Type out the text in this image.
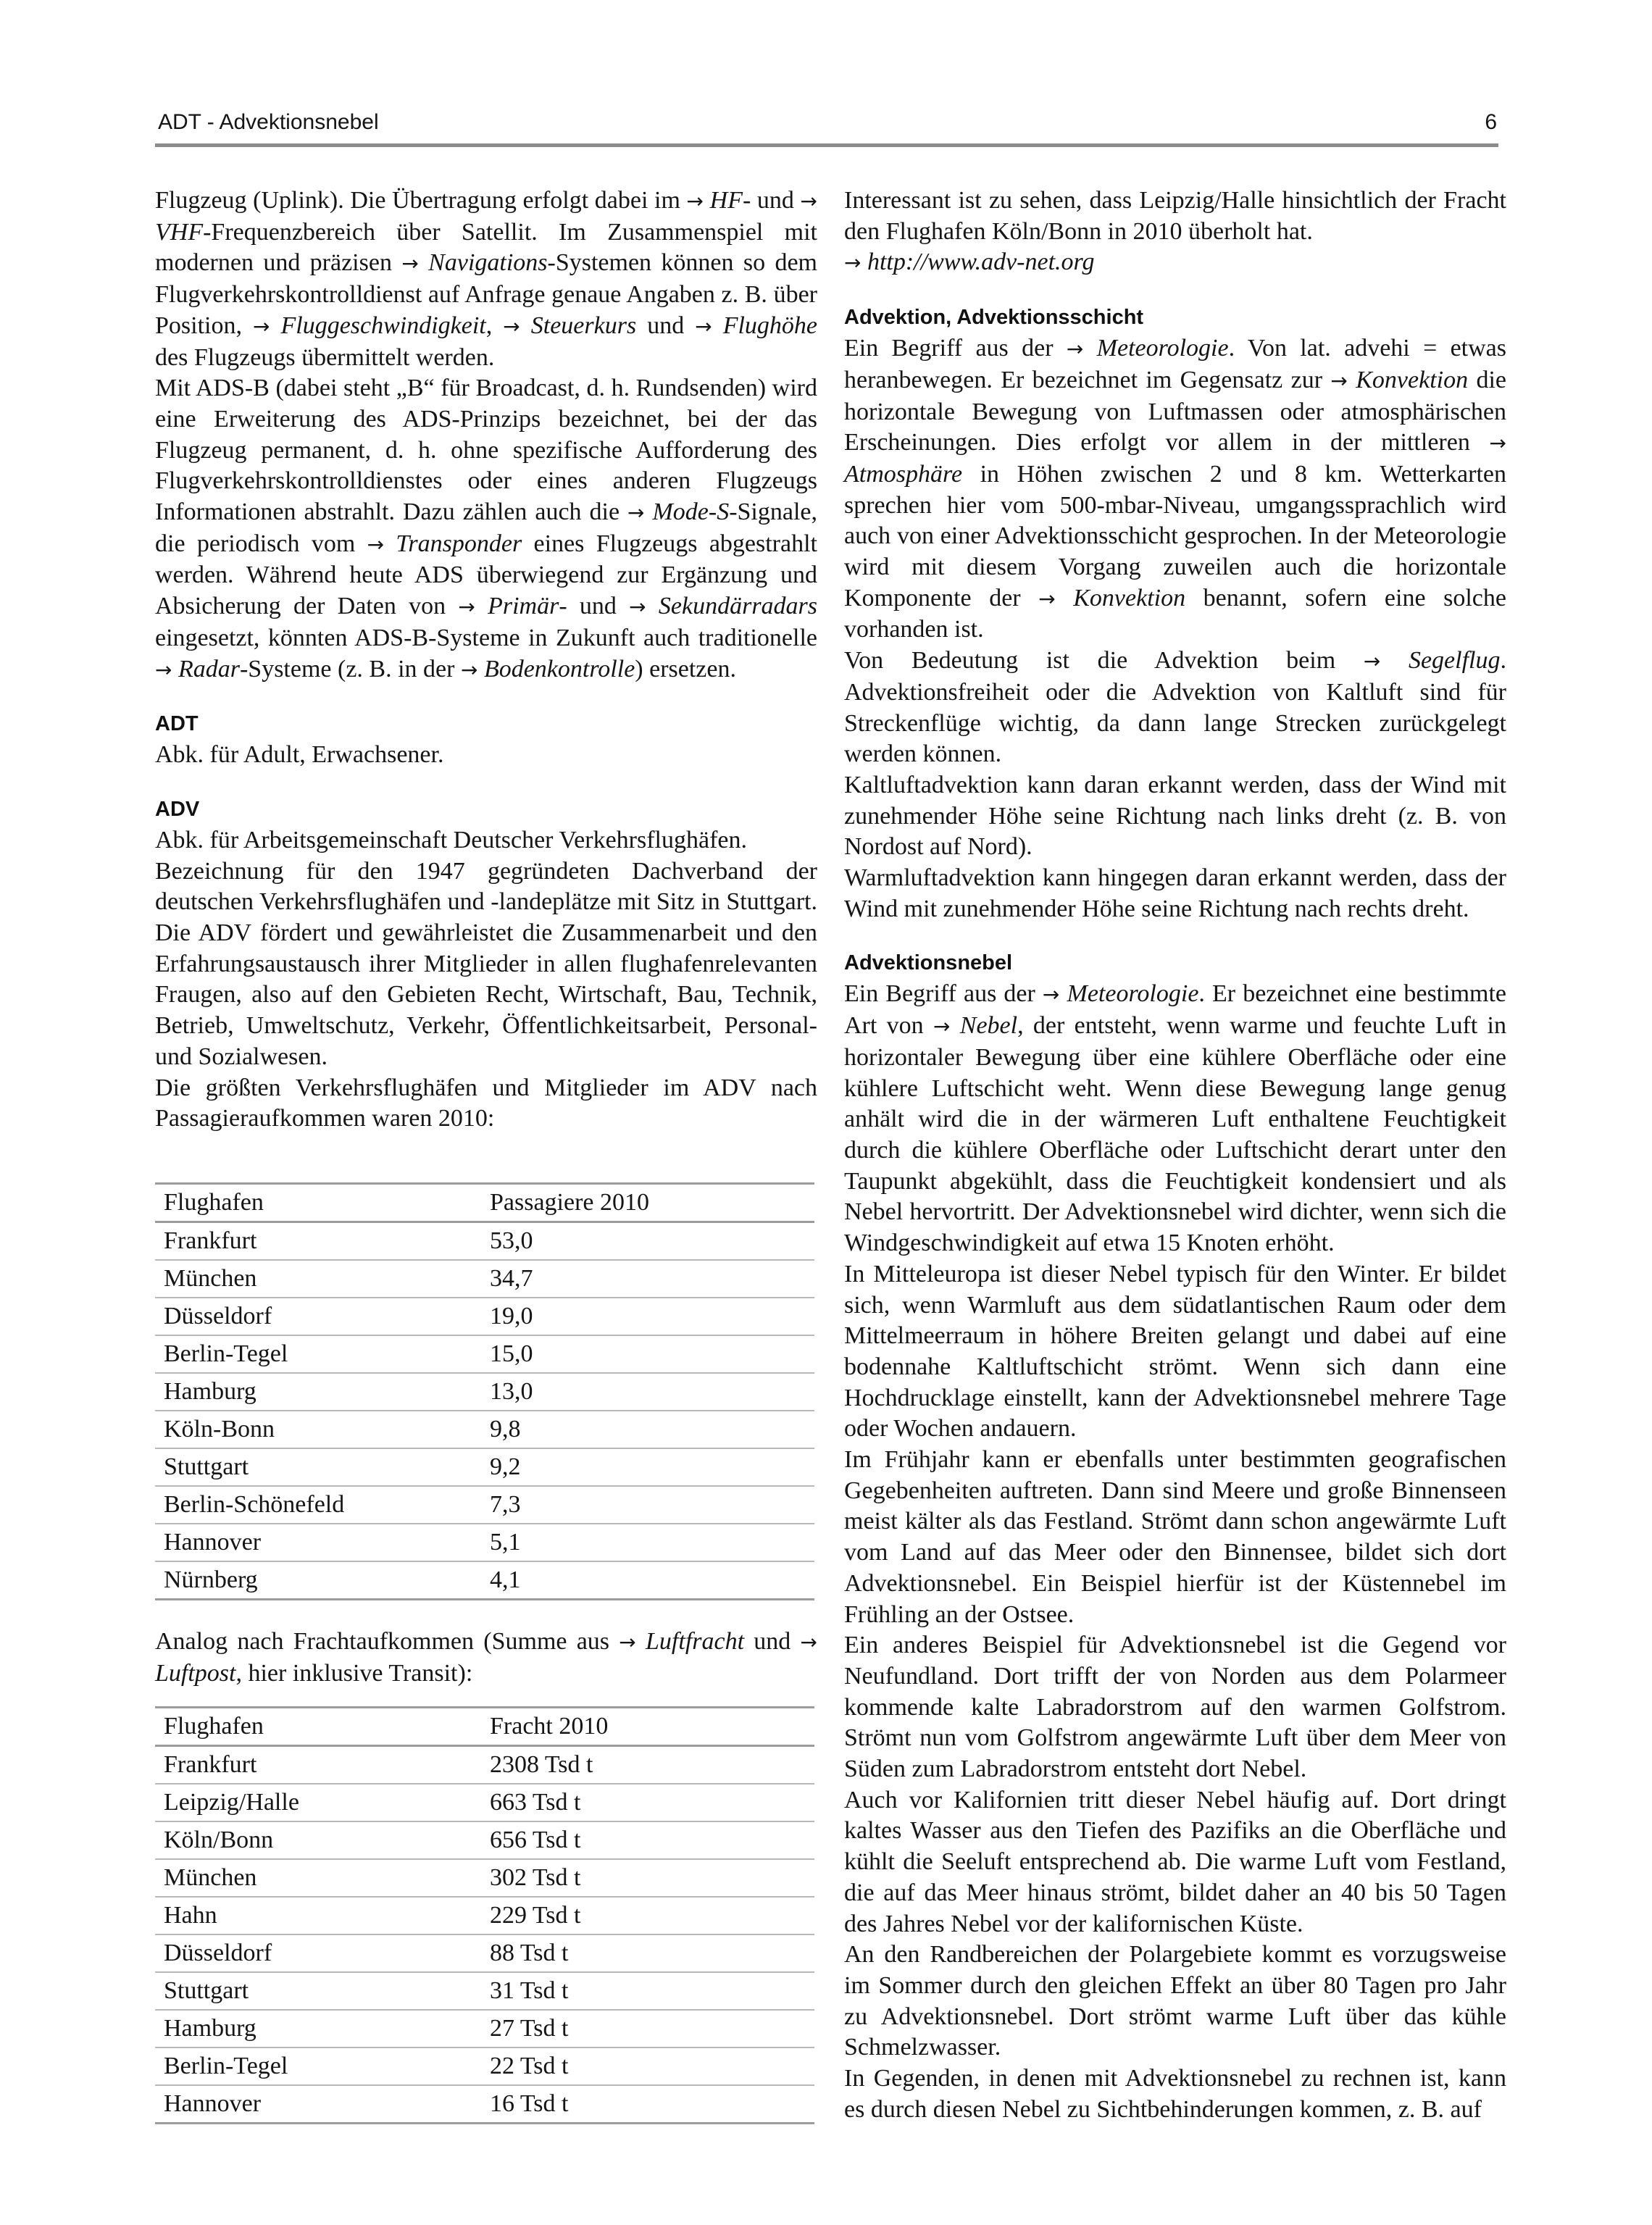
ADT - Advektionsnebel	6

Flugzeug (Uplink). Die Übertragung erfolgt dabei im → HF- und → VHF-Frequenzbereich über Satellit. Im Zusammenspiel mit modernen und präzisen → Navigations-Systemen können so dem Flugverkehrskontrolldienst auf Anfrage genaue Angaben z. B. über Position, → Fluggeschwindigkeit, → Steuerkurs und → Flughöhe des Flugzeugs übermittelt werden.

Mit ADS-B (dabei steht „B“ für Broadcast, d. h. Rundsenden) wird eine Erweiterung des ADS-Prinzips bezeichnet, bei der das Flugzeug permanent, d. h. ohne spezifische Aufforderung des Flugverkehrskontrolldienstes oder eines anderen Flugzeugs Informationen abstrahlt. Dazu zählen auch die → Mode-S-Signale, die periodisch vom → Transponder eines Flugzeugs abgestrahlt werden. Während heute ADS überwiegend zur Ergänzung und Absicherung der Daten von → Primär- und → Sekundärradars eingesetzt, könnten ADS-B-Systeme in Zukunft auch traditionelle → Radar-Systeme (z. B. in der → Bodenkontrolle) ersetzen.

ADT

Abk. für Adult, Erwachsener.

ADV

Abk. für Arbeitsgemeinschaft Deutscher Verkehrsflughäfen.

Bezeichnung für den 1947 gegründeten Dachverband der deutschen Verkehrsflughäfen und -landeplätze mit Sitz in Stuttgart. Die ADV fördert und gewährleistet die Zusammenarbeit und den Erfahrungsaustausch ihrer Mitglieder in allen flughafenrelevanten Fraugen, also auf den Gebieten Recht, Wirtschaft, Bau, Technik, Betrieb, Umweltschutz, Verkehr, Öffentlichkeitsarbeit, Personal- und Sozialwesen.

Die größten Verkehrsflughäfen und Mitglieder im ADV nach Passagieraufkommen waren 2010:

Flughafen	Passagiere 2010
Frankfurt	53,0
München	34,7
Düsseldorf	19,0
Berlin-Tegel	15,0
Hamburg	13,0
Köln-Bonn	9,8
Stuttgart	9,2
Berlin-Schönefeld	7,3
Hannover	5,1
Nürnberg	4,1

Analog nach Frachtaufkommen (Summe aus → Luftfracht und → Luftpost, hier inklusive Transit):

Flughafen	Fracht 2010
Frankfurt	2308 Tsd t
Leipzig/Halle	663 Tsd t
Köln/Bonn	656 Tsd t
München	302 Tsd t
Hahn	229 Tsd t
Düsseldorf	88 Tsd t
Stuttgart	31 Tsd t
Hamburg	27 Tsd t
Berlin-Tegel	22 Tsd t
Hannover	16 Tsd t

Interessant ist zu sehen, dass Leipzig/Halle hinsichtlich der Fracht den Flughafen Köln/Bonn in 2010 überholt hat.

→ http://www.adv-net.org

Advektion, Advektionsschicht

Ein Begriff aus der → Meteorologie. Von lat. advehi = etwas heranbewegen. Er bezeichnet im Gegensatz zur → Konvektion die horizontale Bewegung von Luftmassen oder atmosphärischen Erscheinungen. Dies erfolgt vor allem in der mittleren → Atmosphäre in Höhen zwischen 2 und 8 km. Wetterkarten sprechen hier vom 500-mbar-Niveau, umgangssprachlich wird auch von einer Advektionsschicht gesprochen. In der Meteorologie wird mit diesem Vorgang zuweilen auch die horizontale Komponente der → Konvektion benannt, sofern eine solche vorhanden ist.

Von Bedeutung ist die Advektion beim → Segelflug. Advektionsfreiheit oder die Advektion von Kaltluft sind für Streckenflüge wichtig, da dann lange Strecken zurückgelegt werden können.

Kaltluftadvektion kann daran erkannt werden, dass der Wind mit zunehmender Höhe seine Richtung nach links dreht (z. B. von Nordost auf Nord).

Warmluftadvektion kann hingegen daran erkannt werden, dass der Wind mit zunehmender Höhe seine Richtung nach rechts dreht.

Advektionsnebel

Ein Begriff aus der → Meteorologie. Er bezeichnet eine bestimmte Art von → Nebel, der entsteht, wenn warme und feuchte Luft in horizontaler Bewegung über eine kühlere Oberfläche oder eine kühlere Luftschicht weht. Wenn diese Bewegung lange genug anhält wird die in der wärmeren Luft enthaltene Feuchtigkeit durch die kühlere Oberfläche oder Luftschicht derart unter den Taupunkt abgekühlt, dass die Feuchtigkeit kondensiert und als Nebel hervortritt. Der Advektionsnebel wird dichter, wenn sich die Windgeschwindigkeit auf etwa 15 Knoten erhöht.

In Mitteleuropa ist dieser Nebel typisch für den Winter. Er bildet sich, wenn Warmluft aus dem südatlantischen Raum oder dem Mittelmeerraum in höhere Breiten gelangt und dabei auf eine bodennahe Kaltluftschicht strömt. Wenn sich dann eine Hochdrucklage einstellt, kann der Advektionsnebel mehrere Tage oder Wochen andauern.

Im Frühjahr kann er ebenfalls unter bestimmten geografischen Gegebenheiten auftreten. Dann sind Meere und große Binnenseen meist kälter als das Festland. Strömt dann schon angewärmte Luft vom Land auf das Meer oder den Binnensee, bildet sich dort Advektionsnebel. Ein Beispiel hierfür ist der Küstennebel im Frühling an der Ostsee.

Ein anderes Beispiel für Advektionsnebel ist die Gegend vor Neufundland. Dort trifft der von Norden aus dem Polarmeer kommende kalte Labradorstrom auf den warmen Golfstrom. Strömt nun vom Golfstrom angewärmte Luft über dem Meer von Süden zum Labradorstrom entsteht dort Nebel.

Auch vor Kalifornien tritt dieser Nebel häufig auf. Dort dringt kaltes Wasser aus den Tiefen des Pazifiks an die Oberfläche und kühlt die Seeluft entsprechend ab. Die warme Luft vom Festland, die auf das Meer hinaus strömt, bildet daher an 40 bis 50 Tagen des Jahres Nebel vor der kalifornischen Küste.

An den Randbereichen der Polargebiete kommt es vorzugsweise im Sommer durch den gleichen Effekt an über 80 Tagen pro Jahr zu Advektionsnebel. Dort strömt warme Luft über das kühle Schmelzwasser.

In Gegenden, in denen mit Advektionsnebel zu rechnen ist, kann es durch diesen Nebel zu Sichtbehinderungen kommen, z. B. auf
